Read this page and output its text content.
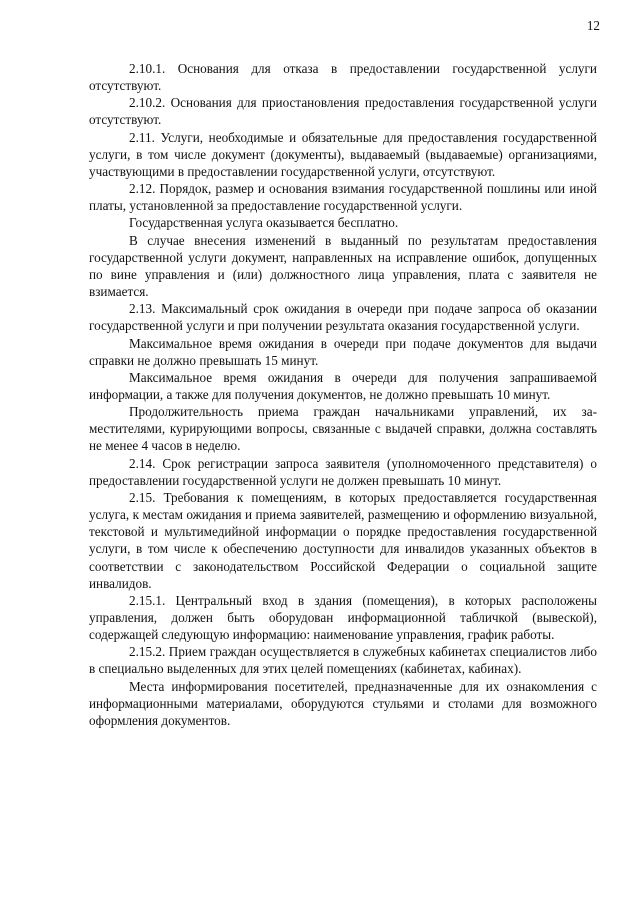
12

2.10.1. Основания для отказа в предоставлении государственной услуги отсутствуют.

2.10.2. Основания для приостановления предоставления государственной услуги отсутствуют.

2.11. Услуги, необходимые и обязательные для предоставления государственной услуги, в том числе документ (документы), выдаваемый (выдаваемые) организациями, участвующими в предоставлении государственной услуги, отсутствуют.

2.12. Порядок, размер и основания взимания государственной пошлины или иной платы, установленной за предоставление государственной услуги.

Государственная услуга оказывается бесплатно.

В случае внесения изменений в выданный по результатам предоставления государственной услуги документ, направленных на исправление ошибок, допущенных по вине управления и (или) должностного лица управления, плата с заявителя не взимается.

2.13. Максимальный срок ожидания в очереди при подаче запроса об оказании государственной услуги и при получении результата оказания государственной услуги.

Максимальное время ожидания в очереди при подаче документов для выдачи справки не должно превышать 15 минут.

Максимальное время ожидания в очереди для получения запрашиваемой информации, а также для получения документов, не должно превышать 10 минут.

Продолжительность приема граждан начальниками управлений, их заместителями, курирующими вопросы, связанные с выдачей справки, должна составлять не менее 4 часов в неделю.

2.14. Срок регистрации запроса заявителя (уполномоченного представителя) о предоставлении государственной услуги не должен превышать 10 минут.

2.15. Требования к помещениям, в которых предоставляется государственная услуга, к местам ожидания и приема заявителей, размещению и оформлению визуальной, текстовой и мультимедийной информации о порядке предоставления государственной услуги, в том числе к обеспечению доступности для инвалидов указанных объектов в соответствии с законодательством Российской Федерации о социальной защите инвалидов.

2.15.1. Центральный вход в здания (помещения), в которых расположены управления, должен быть оборудован информационной табличкой (вывеской), содержащей следующую информацию: наименование управления, график работы.

2.15.2. Прием граждан осуществляется в служебных кабинетах специалистов либо в специально выделенных для этих целей помещениях (кабинетах, кабинах).

Места информирования посетителей, предназначенные для их ознакомления с информационными материалами, оборудуются стульями и столами для возможного оформления документов.
